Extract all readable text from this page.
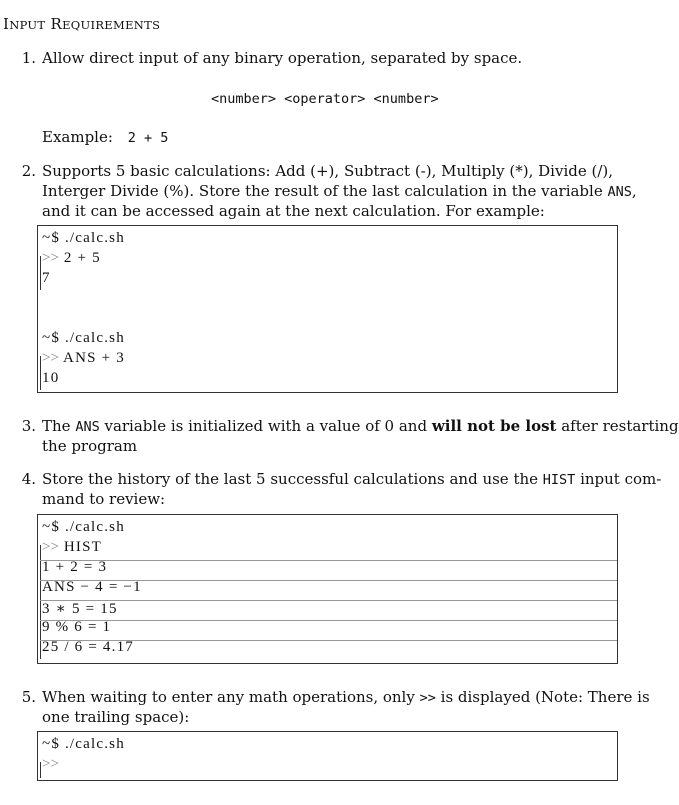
INPUT REQUIREMENTS
1. Allow direct input of any binary operation, separated by space.
<number> <operator> <number>
Example: 2 + 5
2. Supports 5 basic calculations: Add (+), Subtract (-), Multiply (*), Divide (/),
Interger Divide (%). Store the result of the last calculation in the variable ANS,
and it can be accessed again at the next calculation. For example:
~$ ./calc.sh
>> 2 + 5
7
~$ ./calc.sh
>> ANS + 3
10
3. The ANS variable is initialized with a value of 0 and will not be lost after restarting
the program
4. Store the history of the last 5 successful calculations and use the HIST input com-
mand to review:
~$ ./calc.sh
>> HIST
1 + 2 = 3
ANS − 4 = −1
3 ∗ 5 = 15
9 % 6 = 1
25 / 6 = 4.17
5. When waiting to enter any math operations, only >> is displayed (Note: There is
one trailing space):
~$ ./calc.sh
>>
